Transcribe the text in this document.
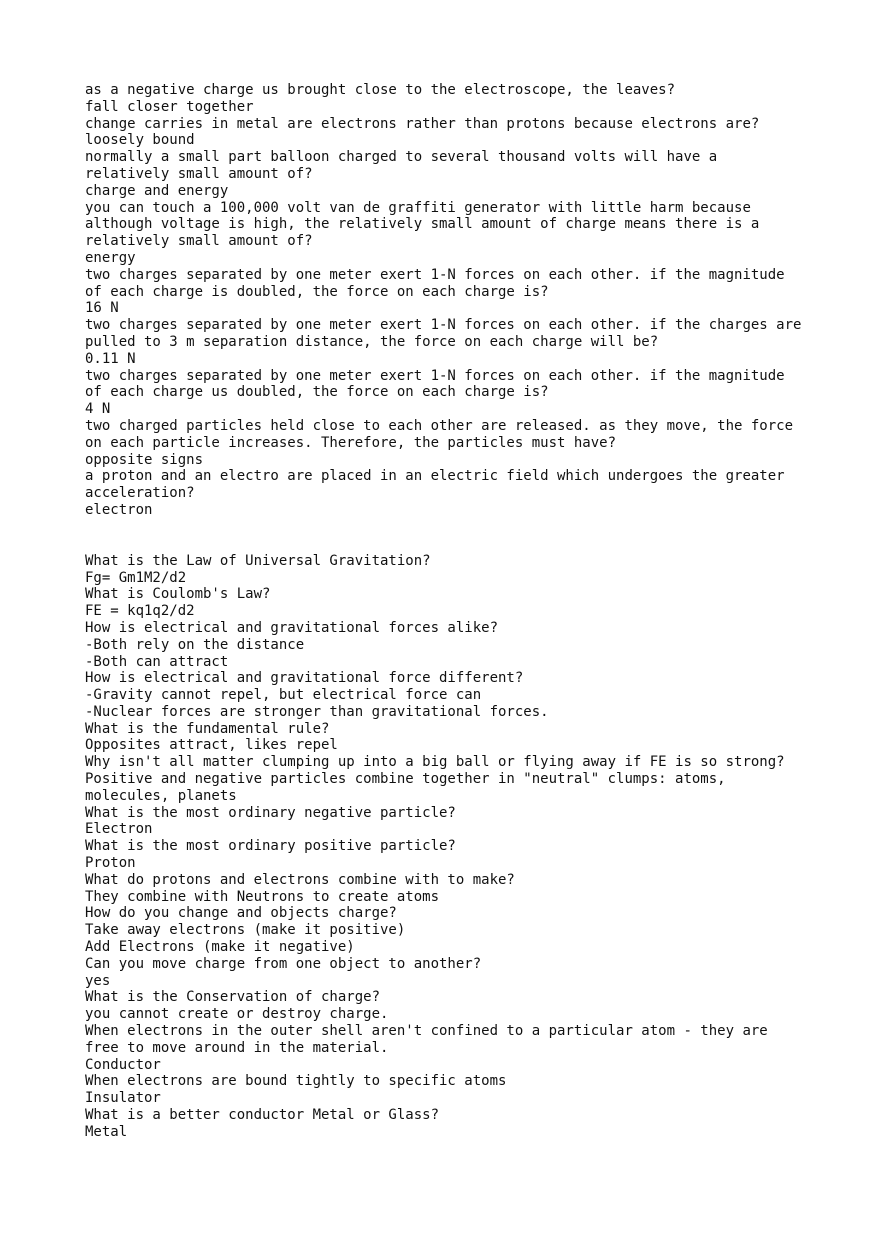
as a negative charge us brought close to the electroscope, the leaves?

fall closer together

change carries in metal are electrons rather than protons because electrons are?

loosely bound

normally a small part balloon charged to several thousand volts will have a relatively small amount of?

charge and energy

you can touch a 100,000 volt van de graffiti generator with little harm because although voltage is high, the relatively small amount of charge means there is a relatively small amount of?

energy

two charges separated by one meter exert 1-N forces on each other. if the magnitude of each charge is doubled, the force on each charge is?

16 N

two charges separated by one meter exert 1-N forces on each other. if the charges are pulled to 3 m separation distance, the force on each charge will be?

0.11 N

two charges separated by one meter exert 1-N forces on each other. if the magnitude of each charge us doubled, the force on each charge is?

4 N

two charged particles held close to each other are released. as they move, the force on each particle increases. Therefore, the particles must have?

opposite signs

a proton and an electro are placed in an electric field which undergoes the greater acceleration?

electron

What is the Law of Universal Gravitation?

Fg= Gm1M2/d2

What is Coulomb's Law?

FE = kq1q2/d2

How is electrical and gravitational forces alike?

-Both rely on the distance

-Both can attract

How is electrical and gravitational force different?

-Gravity cannot repel, but electrical force can

-Nuclear forces are stronger than gravitational forces.

What is the fundamental rule?

Opposites attract, likes repel

Why isn't all matter clumping up into a big ball or flying away if FE is so strong?

Positive and negative particles combine together in "neutral" clumps: atoms, molecules, planets

What is the most ordinary negative particle?

Electron

What is the most ordinary positive particle?

Proton

What do protons and electrons combine with to make?

They combine with Neutrons to create atoms

How do you change and objects charge?

Take away electrons (make it positive)

Add Electrons (make it negative)

Can you move charge from one object to another?

yes

What is the Conservation of charge?

you cannot create or destroy charge.

When electrons in the outer shell aren't confined to a particular atom - they are free to move around in the material.

Conductor

When electrons are bound tightly to specific atoms

Insulator

What is a better conductor Metal or Glass?

Metal
